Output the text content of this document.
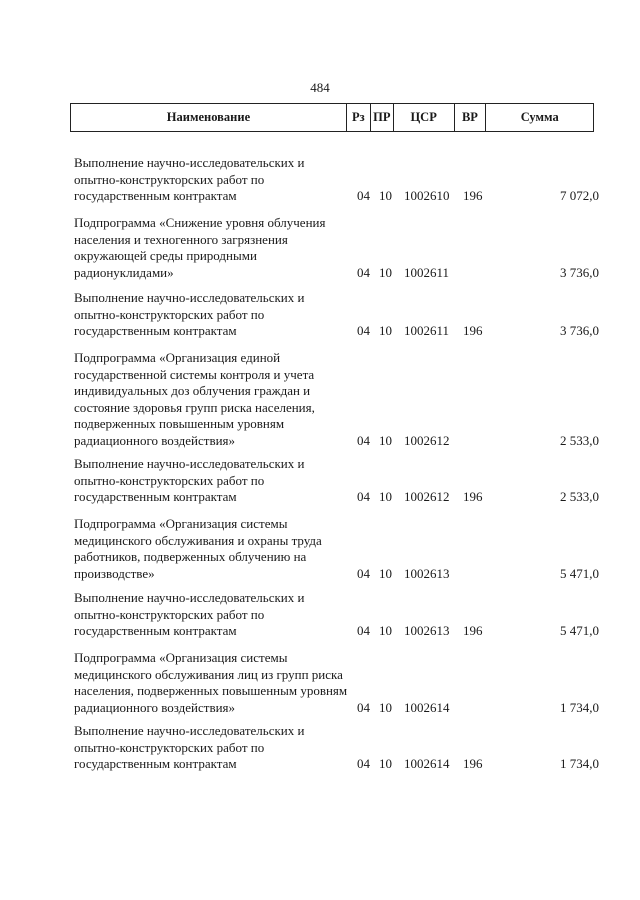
484
Наименование	Рз ПР	ЦСР	ВР	Сумма
Выполнение научно-исследовательских и опытно-конструкторских работ по государственным контрактам	04 10 1002610 196	7 072,0
Подпрограмма «Снижение уровня облучения населения и техногенного загрязнения окружающей среды природными радионуклидами»	04 10 1002611	3 736,0
Выполнение научно-исследовательских и опытно-конструкторских работ по государственным контрактам	04 10 1002611 196	3 736,0
Подпрограмма «Организация единой государственной системы контроля и учета индивидуальных доз облучения граждан и состояние здоровья групп риска населения, подверженных повышенным уровням радиационного воздействия»	04 10 1002612	2 533,0
Выполнение научно-исследовательских и опытно-конструкторских работ по государственным контрактам	04 10 1002612 196	2 533,0
Подпрограмма «Организация системы медицинского обслуживания и охраны труда работников, подверженных облучению на производстве»	04 10 1002613	5 471,0
Выполнение научно-исследовательских и опытно-конструкторских работ по государственным контрактам	04 10 1002613 196	5 471,0
Подпрограмма «Организация системы медицинского обслуживания лиц из групп риска населения, подверженных повышенным уровням радиационного воздействия»	04 10 1002614	1 734,0
Выполнение научно-исследовательских и опытно-конструкторских работ по государственным контрактам	04 10 1002614 196	1 734,0
